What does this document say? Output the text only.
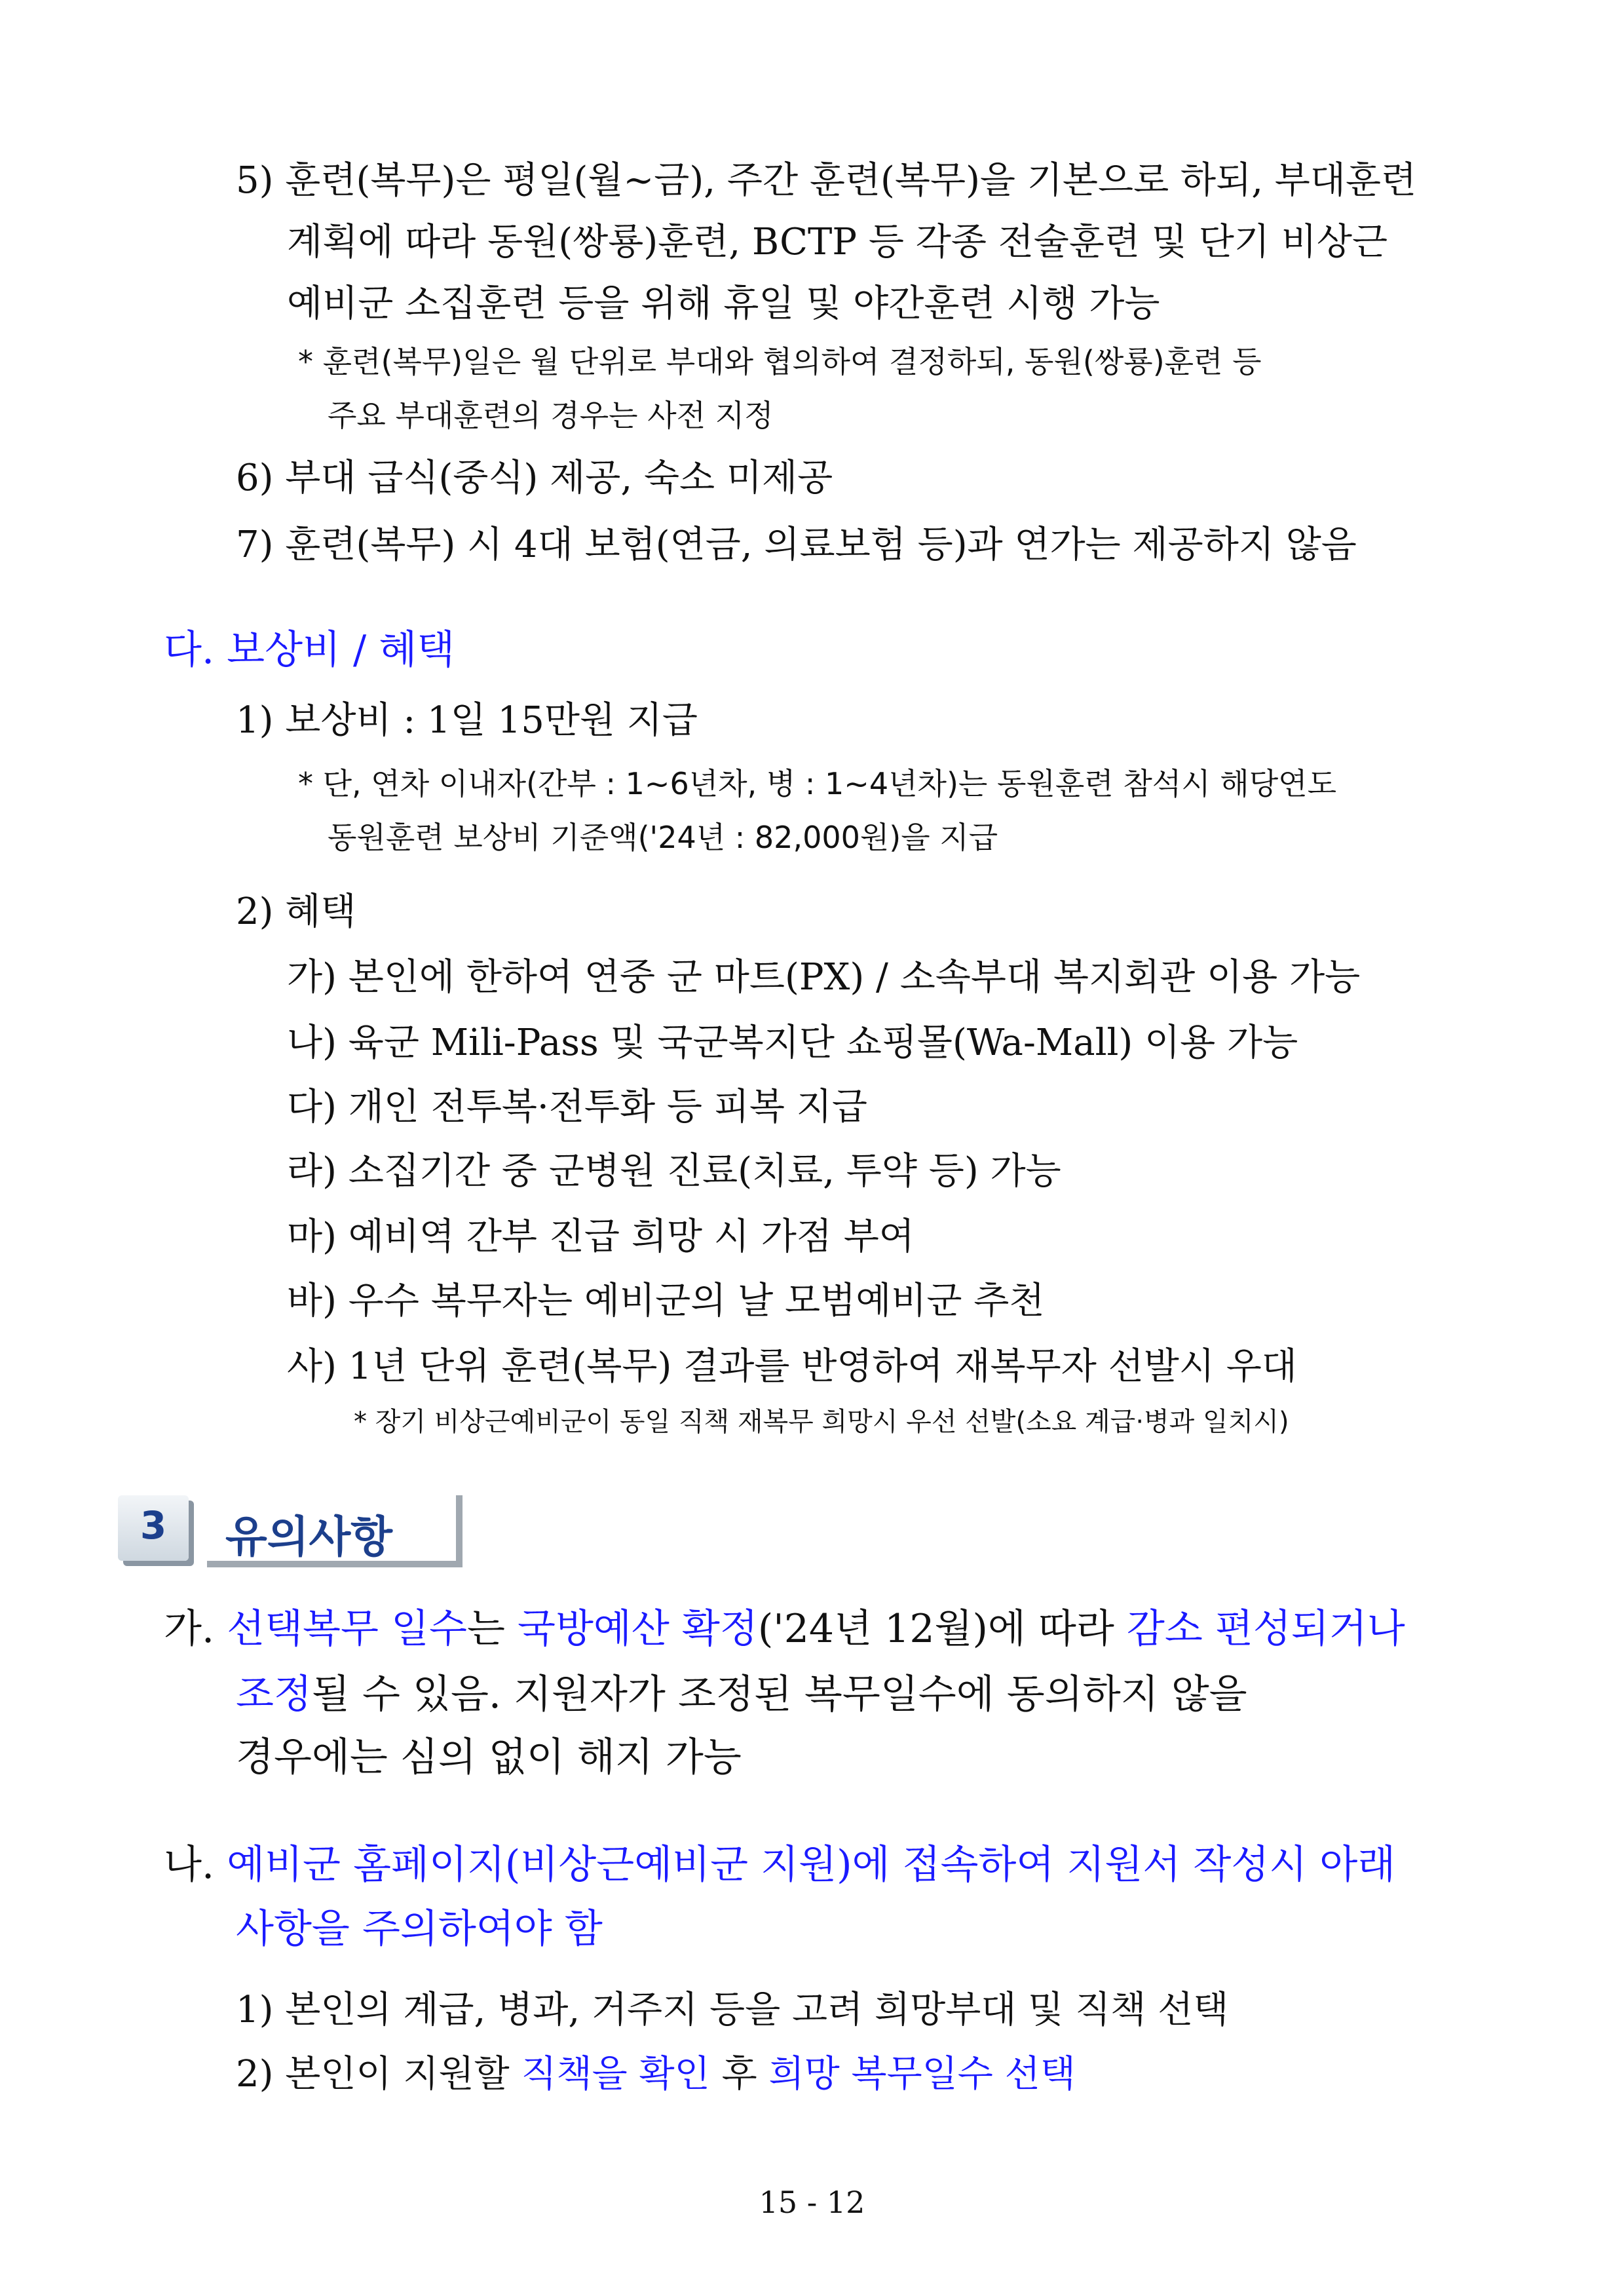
5) 훈련(복무)은 평일(월~금), 주간 훈련(복무)을 기본으로 하되, 부대훈련
계획에 따라 동원(쌍룡)훈련, BCTP 등 각종 전술훈련 및 단기 비상근
예비군 소집훈련 등을 위해 휴일 및 야간훈련 시행 가능
* 훈련(복무)일은 월 단위로 부대와 협의하여 결정하되, 동원(쌍룡)훈련 등
주요 부대훈련의 경우는 사전 지정
6) 부대 급식(중식) 제공, 숙소 미제공
7) 훈련(복무) 시 4대 보험(연금, 의료보험 등)과 연가는 제공하지 않음
다. 보상비 / 혜택
1) 보상비 : 1일 15만원 지급
* 단, 연차 이내자(간부 : 1~6년차, 병 : 1~4년차)는 동원훈련 참석시 해당연도
동원훈련 보상비 기준액('24년 : 82,000원)을 지급
2) 혜택
가) 본인에 한하여 연중 군 마트(PX) / 소속부대 복지회관 이용 가능
나) 육군 Mili-Pass 및 국군복지단 쇼핑몰(Wa-Mall) 이용 가능
다) 개인 전투복·전투화 등 피복 지급
라) 소집기간 중 군병원 진료(치료, 투약 등) 가능
마) 예비역 간부 진급 희망 시 가점 부여
바) 우수 복무자는 예비군의 날 모범예비군 추천
사) 1년 단위 훈련(복무) 결과를 반영하여 재복무자 선발시 우대
* 장기 비상근예비군이 동일 직책 재복무 희망시 우선 선발(소요 계급·병과 일치시)
3	유의사항
가. 선택복무 일수는 국방예산 확정('24년 12월)에 따라 감소 편성되거나
조정될 수 있음. 지원자가 조정된 복무일수에 동의하지 않을
경우에는 심의 없이 해지 가능
나. 예비군 홈페이지(비상근예비군 지원)에 접속하여 지원서 작성시 아래
사항을 주의하여야 함
1) 본인의 계급, 병과, 거주지 등을 고려 희망부대 및 직책 선택
2) 본인이 지원할 직책을 확인 후 희망 복무일수 선택
15 - 12
